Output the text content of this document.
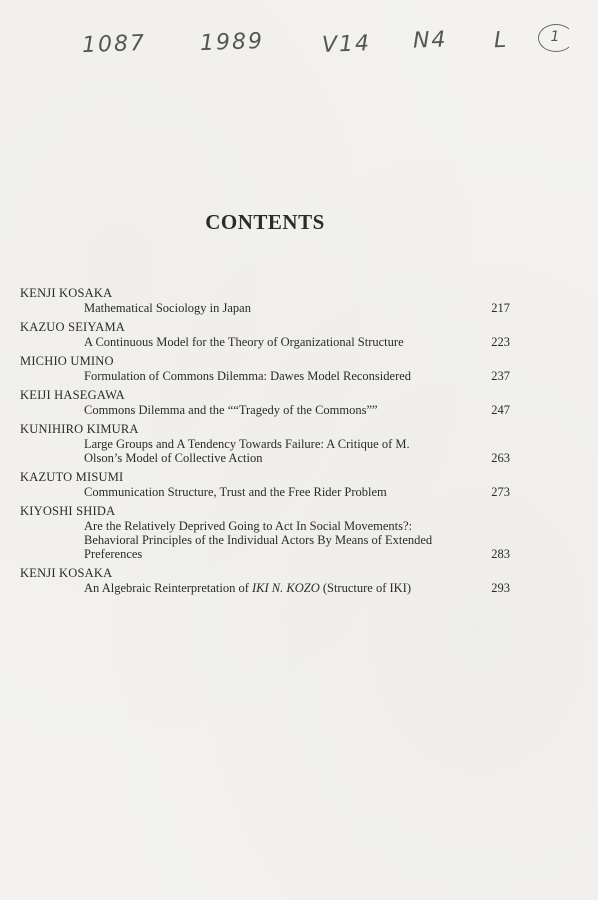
1087 1989	V14 N4 L	1
CONTENTS
KENJI KOSAKA
Mathematical Sociology in Japan	217
KAZUO SEIYAMA
A Continuous Model for the Theory of Organizational Structure	223
MICHIO UMINO
Formulation of Commons Dilemma: Dawes Model Reconsidered	237
KEIJI HASEGAWA
Commons Dilemma and the ““Tragedy of the Commons””	247
KUNIHIRO KIMURA
Large Groups and A Tendency Towards Failure: A Critique of M.
Olson’s Model of Collective Action	263
KAZUTO MISUMI
Communication Structure, Trust and the Free Rider Problem	273
KIYOSHI SHIDA
Are the Relatively Deprived Going to Act In Social Movements?:
Behavioral Principles of the Individual Actors By Means of Extended
Preferences	283
KENJI KOSAKA
An Algebraic Reinterpretation of IKI N. KOZO (Structure of IKI)	293
